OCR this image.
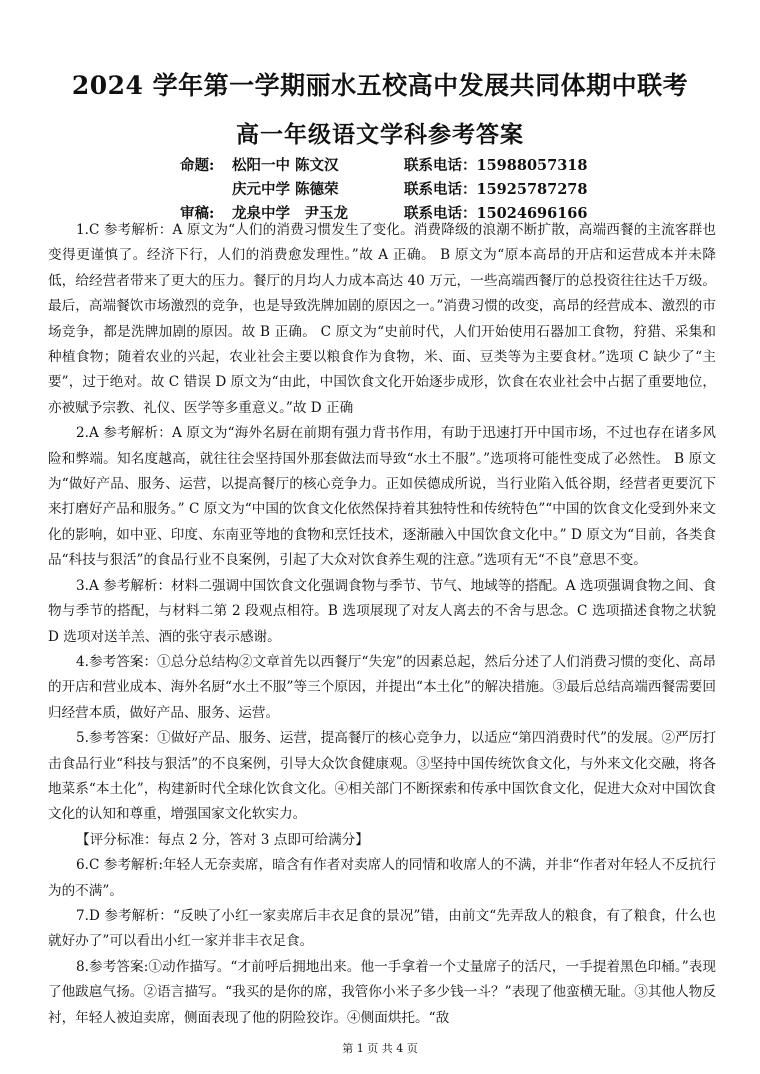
2024 学年第一学期丽水五校高中发展共同体期中联考
高一年级语文学科参考答案
命题: 松阳一中 陈文汉	联系电话：15988057318
庆元中学 陈德荣	联系电话：15925787278
审稿: 龙泉中学　尹玉龙	联系电话：15024696166

1.C 参考解析：A 原文为“人们的消费习惯发生了变化。消费降级的浪潮不断扩散，高端西餐的主流客群也变得更谨慎了。经济下行，人们的消费愈发理性。”故 A 正确。 B 原文为“原本高昂的开店和运营成本并未降低，给经营者带来了更大的压力。餐厅的月均人力成本高达 40 万元，一些高端西餐厅的总投资往往达千万级。最后，高端餐饮市场激烈的竞争，也是导致洗牌加剧的原因之一。”消费习惯的改变，高昂的经营成本、激烈的市场竞争，都是洗牌加剧的原因。故 B 正确。 C 原文为“史前时代，人们开始使用石器加工食物，狩猎、采集和种植食物；随着农业的兴起，农业社会主要以粮食作为食物，米、面、豆类等为主要食材。”选项 C 缺少了“主要”，过于绝对。故 C 错误 D 原文为“由此，中国饮食文化开始逐步成形，饮食在农业社会中占据了重要地位，亦被赋予宗教、礼仪、医学等多重意义。”故 D 正确

2.A 参考解析：A 原文为“海外名厨在前期有强力背书作用，有助于迅速打开中国市场，不过也存在诸多风险和弊端。知名度越高，就往往会坚持国外那套做法而导致“水土不服”。”选项将可能性变成了必然性。 B 原文为“做好产品、服务、运营，以提高餐厅的核心竞争力。正如侯德成所说，当行业陷入低谷期，经营者更要沉下来打磨好产品和服务。” C 原文为“中国的饮食文化依然保持着其独特性和传统特色”“中国的饮食文化受到外来文化的影响，如中亚、印度、东南亚等地的食物和烹饪技术，逐渐融入中国饮食文化中。” D 原文为“目前，各类食品“科技与狠活”的食品行业不良案例，引起了大众对饮食养生观的注意。”选项有无“不良”意思不变。

3.A 参考解析：材料二强调中国饮食文化强调食物与季节、节气、地域等的搭配。A 选项强调食物之间、食物与季节的搭配，与材料二第 2 段观点相符。B 选项展现了对友人离去的不舍与思念。C 选项描述食物之状貌 D 选项对送羊羔、酒的张守表示感谢。

4.参考答案：①总分总结构②文章首先以西餐厅“失宠”的因素总起，然后分述了人们消费习惯的变化、高昂的开店和营业成本、海外名厨“水土不服”等三个原因，并提出“本土化”的解决措施。③最后总结高端西餐需要回归经营本质，做好产品、服务、运营。

5.参考答案：①做好产品、服务、运营，提高餐厅的核心竞争力，以适应“第四消费时代”的发展。②严厉打击食品行业“科技与狠活”的不良案例，引导大众饮食健康观。③坚持中国传统饮食文化，与外来文化交融，将各地菜系“本土化”，构建新时代全球化饮食文化。④相关部门不断探索和传承中国饮食文化，促进大众对中国饮食文化的认知和尊重，增强国家文化软实力。

【评分标准：每点 2 分，答对 3 点即可给满分】

6.C 参考解析:年轻人无奈卖席，暗含有作者对卖席人的同情和收席人的不满，并非“作者对年轻人不反抗行为的不满”。

7.D 参考解析：“反映了小红一家卖席后丰衣足食的景况”错，由前文“先弄敌人的粮食，有了粮食，什么也就好办了”可以看出小红一家并非丰衣足食。

8.参考答案:①动作描写。“才前呼后拥地出来。他一手拿着一个丈量席子的活尺，一手提着黑色印桶。”表现了他跋扈气扬。②语言描写。“我买的是你的席，我管你小米子多少钱一斗？”表现了他蛮横无耻。③其他人物反衬，年轻人被迫卖席，侧面表现了他的阴险狡诈。④侧面烘托。“敌

第 1 页 共 4 页
